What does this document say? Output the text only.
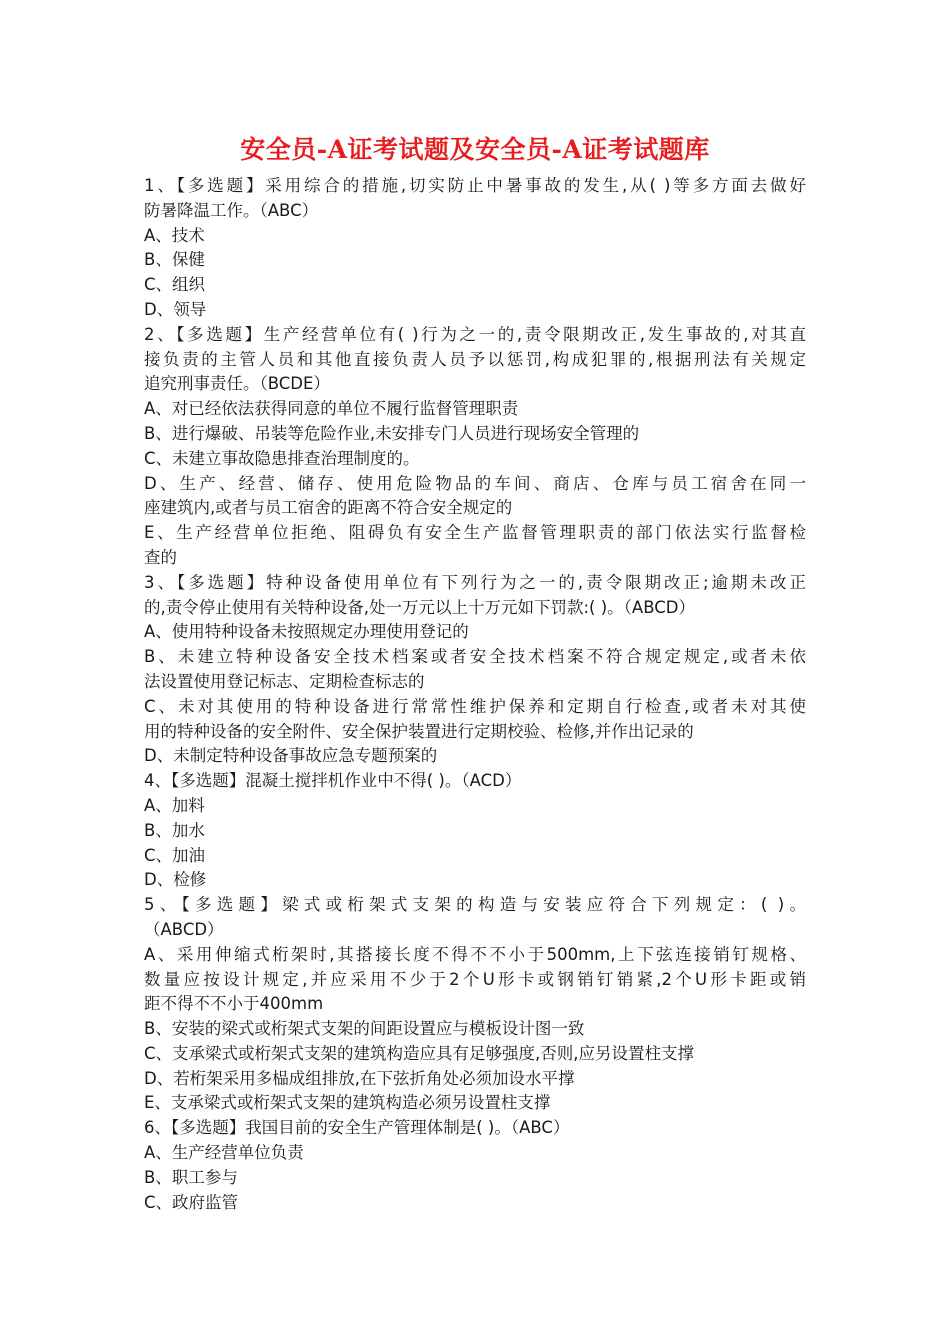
安全员-A证考试题及安全员-A证考试题库
1、【多选题】采用综合的措施,切实防止中暑事故的发生,从( )等多方面去做好
防暑降温工作。（ABC）
A、技术
B、保健
C、组织
D、领导
2、【多选题】生产经营单位有( )行为之一的,责令限期改正,发生事故的,对其直
接负责的主管人员和其他直接负责人员予以惩罚,构成犯罪的,根据刑法有关规定
追究刑事责任。（BCDE）
A、对已经依法获得同意的单位不履行监督管理职责
B、进行爆破、吊装等危险作业,未安排专门人员进行现场安全管理的
C、未建立事故隐患排查治理制度的。
D、生产、经营、储存、使用危险物品的车间、商店、仓库与员工宿舍在同一
座建筑内,或者与员工宿舍的距离不符合安全规定的
E、生产经营单位拒绝、阻碍负有安全生产监督管理职责的部门依法实行监督检
查的
3、【多选题】特种设备使用单位有下列行为之一的,责令限期改正;逾期未改正
的,责令停止使用有关特种设备,处一万元以上十万元如下罚款:( )。（ABCD）
A、使用特种设备未按照规定办理使用登记的
B、未建立特种设备安全技术档案或者安全技术档案不符合规定规定,或者未依
法设置使用登记标志、定期检查标志的
C、未对其使用的特种设备进行常常性维护保养和定期自行检查,或者未对其使
用的特种设备的安全附件、安全保护装置进行定期校验、检修,并作出记录的
D、未制定特种设备事故应急专题预案的
4、【多选题】混凝土搅拌机作业中不得( )。（ACD）
A、加料
B、加水
C、加油
D、检修
5、【多选题】梁式或桁架式支架的构造与安装应符合下列规定：( )。
（ABCD）
A、采用伸缩式桁架时,其搭接长度不得不不小于500mm,上下弦连接销钉规格、
数量应按设计规定,并应采用不少于2个U形卡或钢销钉销紧,2个U形卡距或销
距不得不不小于400mm
B、安装的梁式或桁架式支架的间距设置应与模板设计图一致
C、支承梁式或桁架式支架的建筑构造应具有足够强度,否则,应另设置柱支撑
D、若桁架采用多榀成组排放,在下弦折角处必须加设水平撑
E、支承梁式或桁架式支架的建筑构造必须另设置柱支撑
6、【多选题】我国目前的安全生产管理体制是( )。（ABC）
A、生产经营单位负责
B、职工参与
C、政府监管
